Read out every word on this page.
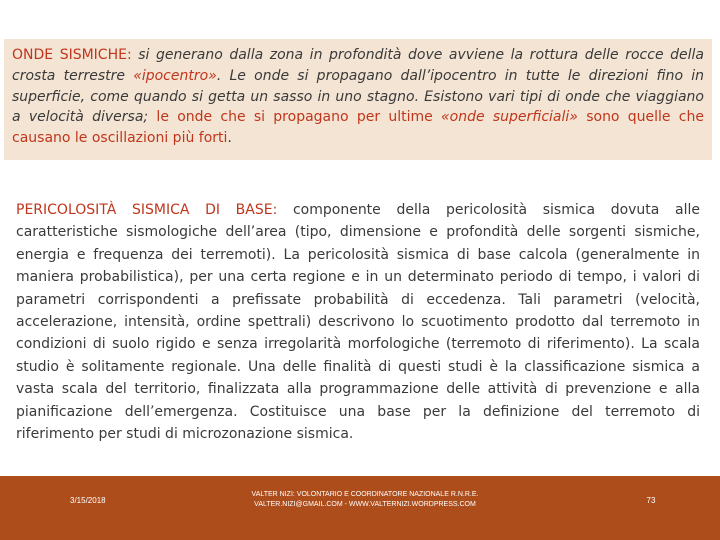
ONDE SISMICHE: si generano dalla zona in profondità dove avviene la rottura delle rocce della crosta terrestre «ipocentro». Le onde si propagano dall’ipocentro in tutte le direzioni fino in superficie, come quando si getta un sasso in uno stagno. Esistono vari tipi di onde che viaggiano a velocità diversa; le onde che si propagano per ultime «onde superficiali» sono quelle che causano le oscillazioni più forti.

PERICOLOSITÀ SISMICA DI BASE: componente della pericolosità sismica dovuta alle caratteristiche sismologiche dell’area (tipo, dimensione e profondità delle sorgenti sismiche, energia e frequenza dei terremoti). La pericolosità sismica di base calcola (generalmente in maniera probabilistica), per una certa regione e in un determinato periodo di tempo, i valori di parametri corrispondenti a prefissate probabilità di eccedenza. Tali parametri (velocità, accelerazione, intensità, ordine spettrali) descrivono lo scuotimento prodotto dal terremoto in condizioni di suolo rigido e senza irregolarità morfologiche (terremoto di riferimento). La scala studio è solitamente regionale. Una delle finalità di questi studi è la classificazione sismica a vasta scala del territorio, finalizzata alla programmazione delle attività di prevenzione e alla pianificazione dell’emergenza. Costituisce una base per la definizione del terremoto di riferimento per studi di microzonazione sismica.

3/15/2018
VALTER NIZI: VOLONTARIO E COORDINATORE NAZIONALE R.N.R.E.
VALTER.NIZI@GMAIL.COM - WWW.VALTERNIZI.WORDPRESS.COM	73
